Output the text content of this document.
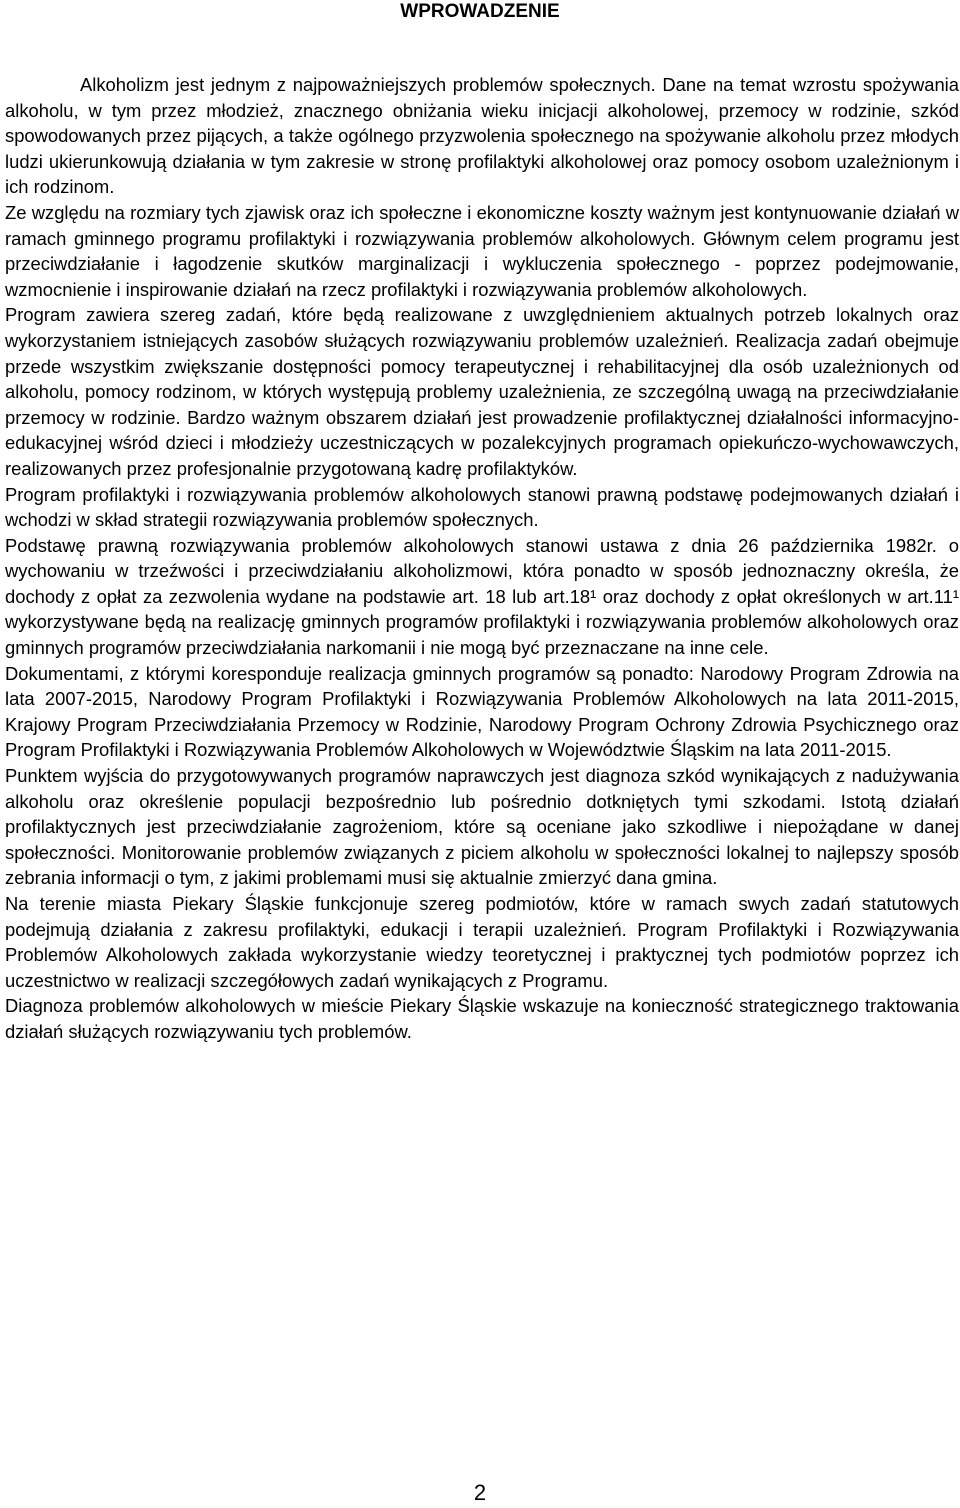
WPROWADZENIE

Alkoholizm jest jednym z najpoważniejszych problemów społecznych. Dane na temat wzrostu spożywania alkoholu, w tym przez młodzież, znacznego obniżania wieku inicjacji alkoholowej, przemocy w rodzinie, szkód spowodowanych przez pijących, a także ogólnego przyzwolenia społecznego na spożywanie alkoholu przez młodych ludzi ukierunkowują działania w tym zakresie w stronę profilaktyki alkoholowej oraz pomocy osobom uzależnionym i ich rodzinom.

Ze względu na rozmiary tych zjawisk oraz ich społeczne i ekonomiczne koszty ważnym jest kontynuowanie działań w ramach gminnego programu profilaktyki i rozwiązywania problemów alkoholowych. Głównym celem programu jest przeciwdziałanie i łagodzenie skutków marginalizacji i wykluczenia społecznego - poprzez podejmowanie, wzmocnienie i inspirowanie działań na rzecz profilaktyki i rozwiązywania problemów alkoholowych.

Program zawiera szereg zadań, które będą realizowane z uwzględnieniem aktualnych potrzeb lokalnych oraz wykorzystaniem istniejących zasobów służących rozwiązywaniu problemów uzależnień. Realizacja zadań obejmuje przede wszystkim zwiększanie dostępności pomocy terapeutycznej i rehabilitacyjnej dla osób uzależnionych od alkoholu, pomocy rodzinom, w których występują problemy uzależnienia, ze szczególną uwagą na przeciwdziałanie przemocy w rodzinie. Bardzo ważnym obszarem działań jest prowadzenie profilaktycznej działalności informacyjno-edukacyjnej wśród dzieci i młodzieży uczestniczących w pozalekcyjnych programach opiekuńczo-wychowawczych, realizowanych przez profesjonalnie przygotowaną kadrę profilaktyków.

Program profilaktyki i rozwiązywania problemów alkoholowych stanowi prawną podstawę podejmowanych działań i wchodzi w skład strategii rozwiązywania problemów społecznych.

Podstawę prawną rozwiązywania problemów alkoholowych stanowi ustawa z dnia 26 października 1982r. o wychowaniu w trzeźwości i przeciwdziałaniu alkoholizmowi, która ponadto w sposób jednoznaczny określa, że dochody z opłat za zezwolenia wydane na podstawie art. 18 lub art.18¹ oraz dochody z opłat określonych w art.11¹ wykorzystywane będą na realizację gminnych programów profilaktyki i rozwiązywania problemów alkoholowych oraz gminnych programów przeciwdziałania narkomanii i nie mogą być przeznaczane na inne cele.

Dokumentami, z którymi koresponduje realizacja gminnych programów są ponadto: Narodowy Program Zdrowia na lata 2007-2015, Narodowy Program Profilaktyki i Rozwiązywania Problemów Alkoholowych na lata 2011-2015, Krajowy Program Przeciwdziałania Przemocy w Rodzinie, Narodowy Program Ochrony Zdrowia Psychicznego oraz Program Profilaktyki i Rozwiązywania Problemów Alkoholowych w Województwie Śląskim na lata 2011-2015.

Punktem wyjścia do przygotowywanych programów naprawczych jest diagnoza szkód wynikających z nadużywania alkoholu oraz określenie populacji bezpośrednio lub pośrednio dotkniętych tymi szkodami. Istotą działań profilaktycznych jest przeciwdziałanie zagrożeniom, które są oceniane jako szkodliwe i niepożądane w danej społeczności. Monitorowanie problemów związanych z piciem alkoholu w społeczności lokalnej to najlepszy sposób zebrania informacji o tym, z jakimi problemami musi się aktualnie zmierzyć dana gmina.

Na terenie miasta Piekary Śląskie funkcjonuje szereg podmiotów, które w ramach swych zadań statutowych podejmują działania z zakresu profilaktyki, edukacji i terapii uzależnień. Program Profilaktyki i Rozwiązywania Problemów Alkoholowych zakłada wykorzystanie wiedzy teoretycznej i praktycznej tych podmiotów poprzez ich uczestnictwo w realizacji szczegółowych zadań wynikających z Programu.

Diagnoza problemów alkoholowych w mieście Piekary Śląskie wskazuje na konieczność strategicznego traktowania działań służących rozwiązywaniu tych problemów.

2
